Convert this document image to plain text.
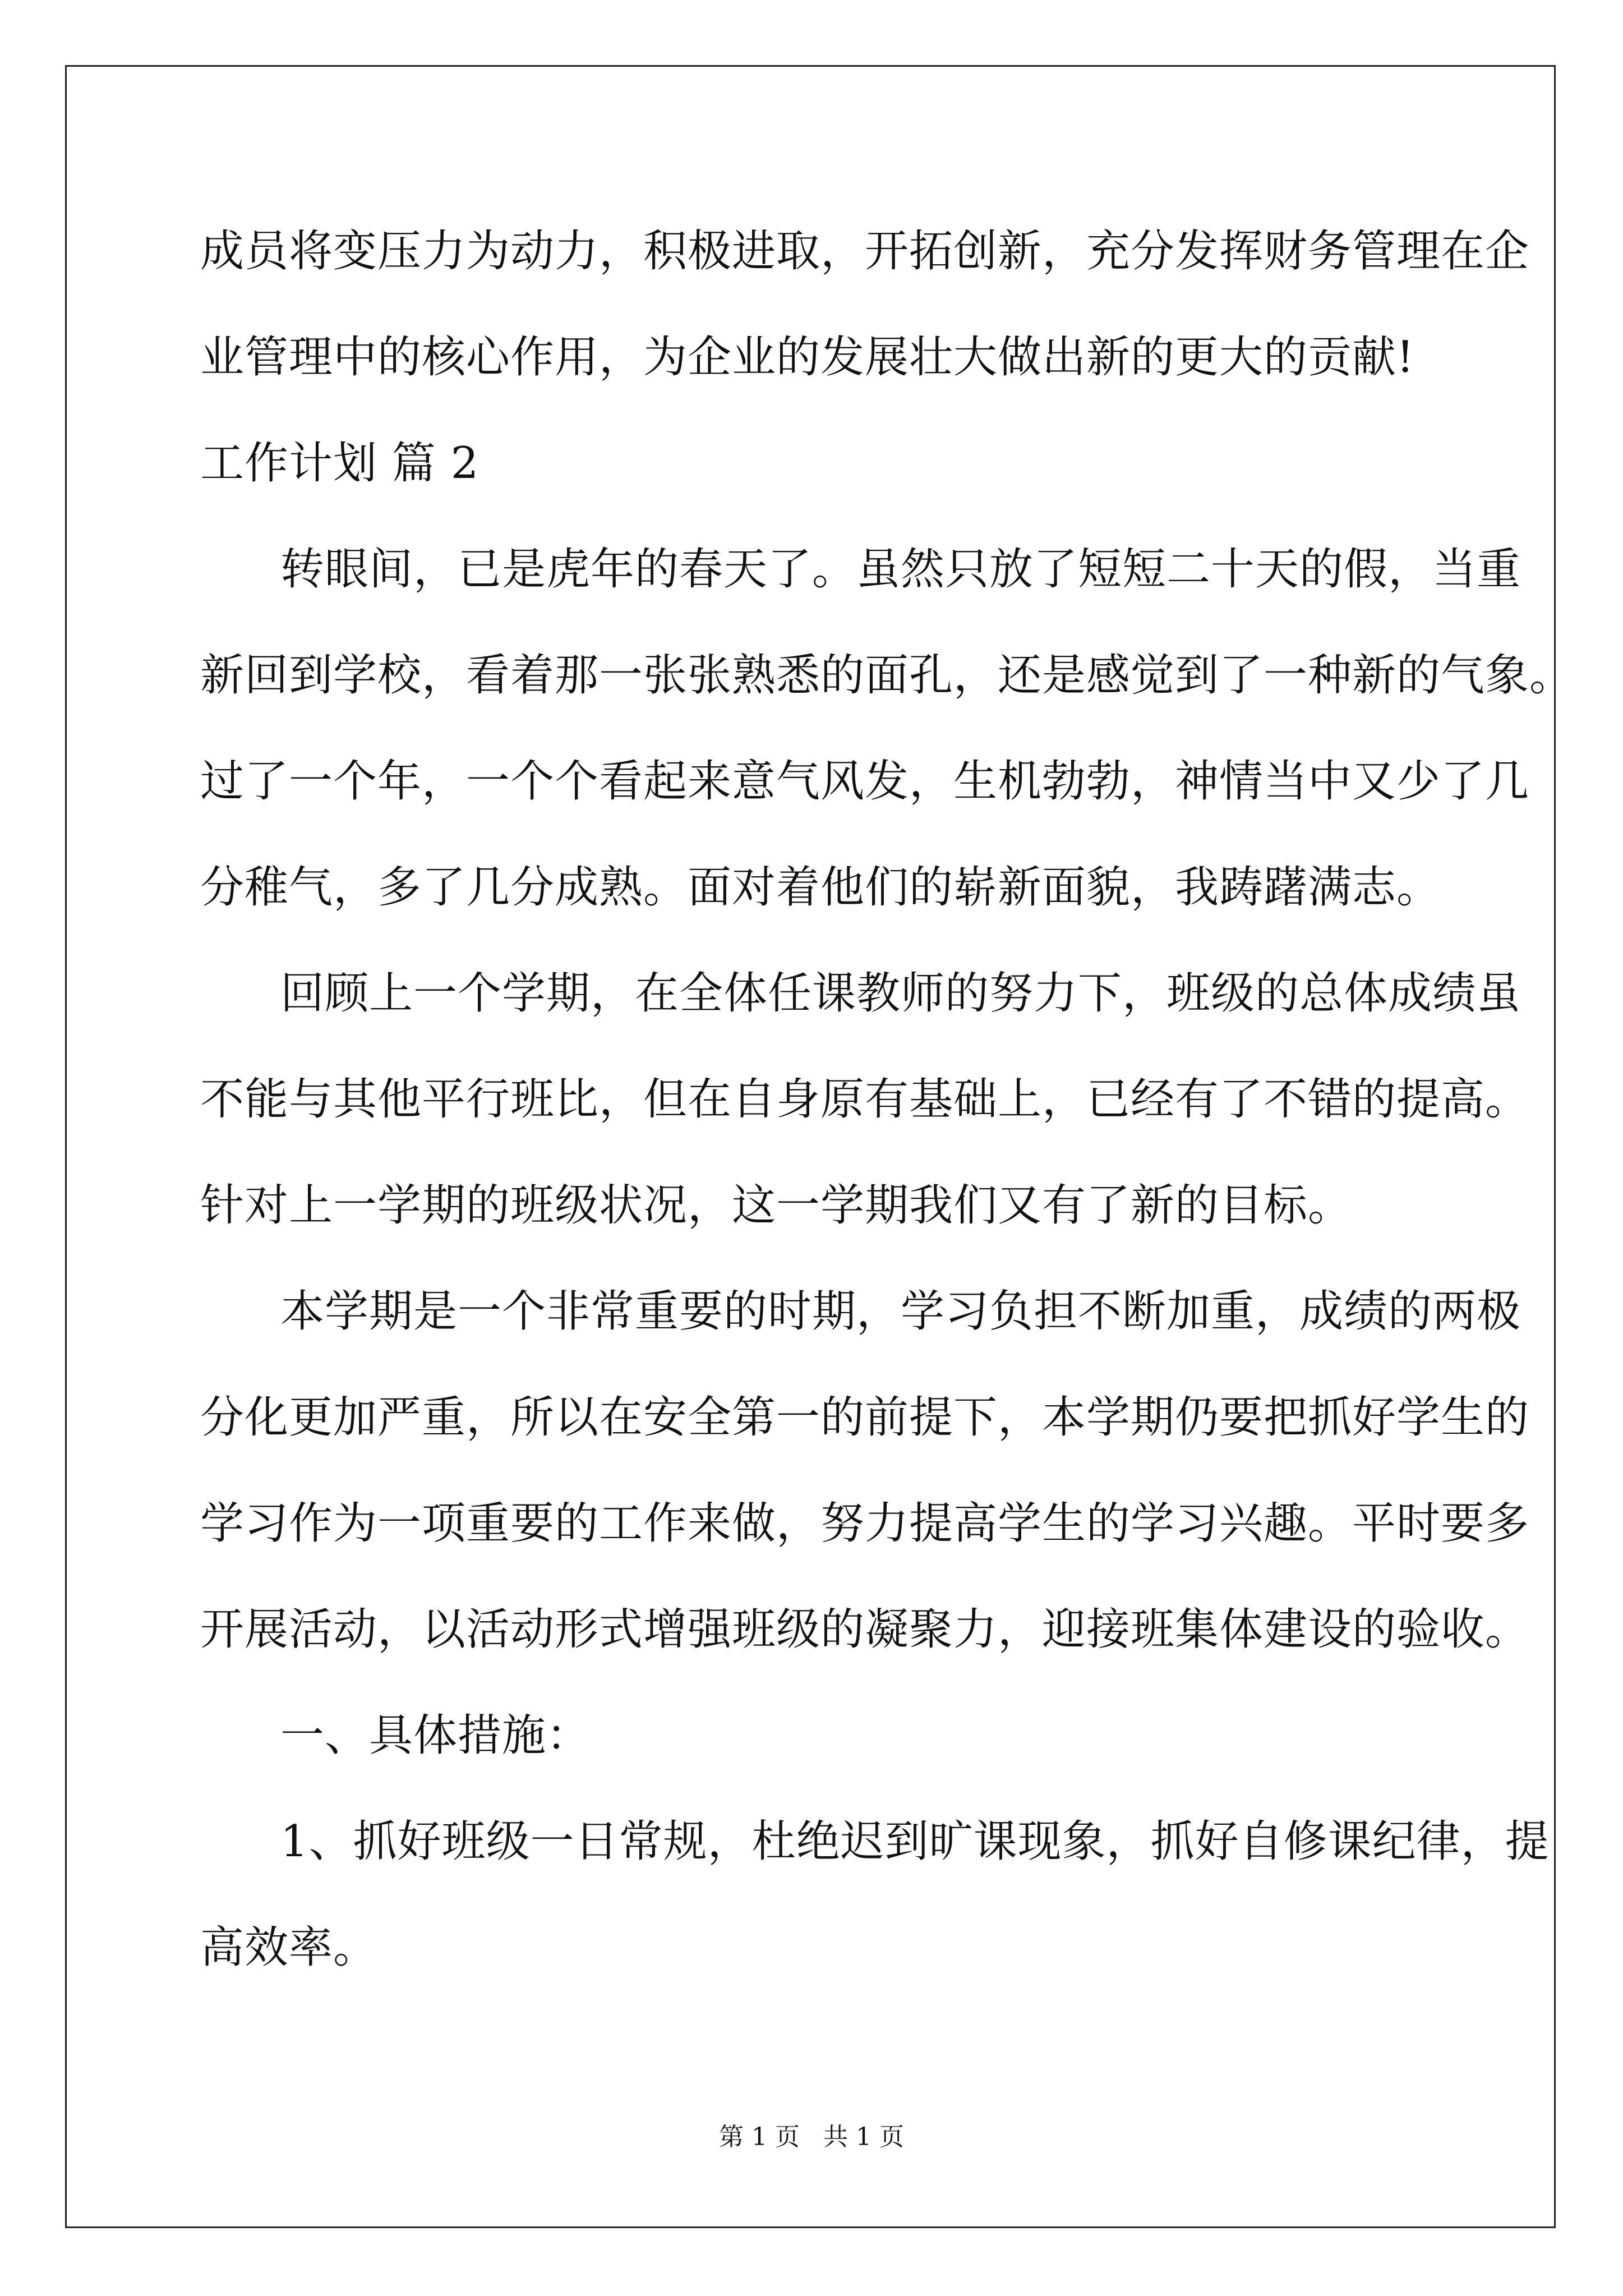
成员将变压力为动力，积极进取，开拓创新，充分发挥财务管理在企
业管理中的核心作用，为企业的发展壮大做出新的更大的贡献!
工作计划 篇 2
转眼间，已是虎年的春天了。虽然只放了短短二十天的假，当重
新回到学校，看着那一张张熟悉的面孔，还是感觉到了一种新的气象。
过了一个年，一个个看起来意气风发，生机勃勃，神情当中又少了几
分稚气，多了几分成熟。面对着他们的崭新面貌，我踌躇满志。
回顾上一个学期，在全体任课教师的努力下，班级的总体成绩虽
不能与其他平行班比，但在自身原有基础上，已经有了不错的提高。
针对上一学期的班级状况，这一学期我们又有了新的目标。
本学期是一个非常重要的时期，学习负担不断加重，成绩的两极
分化更加严重，所以在安全第一的前提下，本学期仍要把抓好学生的
学习作为一项重要的工作来做，努力提高学生的学习兴趣。平时要多
开展活动，以活动形式增强班级的凝聚力，迎接班集体建设的验收。
一、具体措施：
1、抓好班级一日常规，杜绝迟到旷课现象，抓好自修课纪律，提
高效率。
第 1 页   共 1 页
